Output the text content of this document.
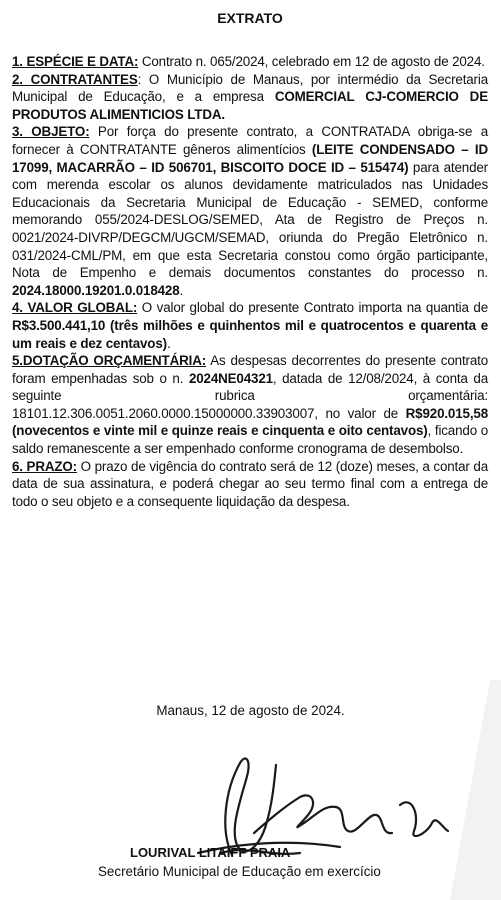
EXTRATO

1. ESPÉCIE E DATA: Contrato n. 065/2024, celebrado em 12 de agosto de 2024.

2. CONTRATANTES: O Município de Manaus, por intermédio da Secretaria Municipal de Educação, e a empresa COMERCIAL CJ-COMERCIO DE PRODUTOS ALIMENTICIOS LTDA.

3. OBJETO: Por força do presente contrato, a CONTRATADA obriga-se a fornecer à CONTRATANTE gêneros alimentícios (LEITE CONDENSADO – ID 17099, MACARRÃO – ID 506701, BISCOITO DOCE ID – 515474) para atender com merenda escolar os alunos devidamente matriculados nas Unidades Educacionais da Secretaria Municipal de Educação - SEMED, conforme memorando 055/2024-DESLOG/SEMED, Ata de Registro de Preços n. 0021/2024-DIVRP/DEGCM/UGCM/SEMAD, oriunda do Pregão Eletrônico n. 031/2024-CML/PM, em que esta Secretaria constou como órgão participante, Nota de Empenho e demais documentos constantes do processo n. 2024.18000.19201.0.018428.

4. VALOR GLOBAL: O valor global do presente Contrato importa na quantia de R$3.500.441,10 (três milhões e quinhentos mil e quatrocentos e quarenta e um reais e dez centavos).

5.DOTAÇÃO ORÇAMENTÁRIA: As despesas decorrentes do presente contrato foram empenhadas sob o n. 2024NE04321, datada de 12/08/2024, à conta da seguinte rubrica orçamentária: 18101.12.306.0051.2060.0000.15000000.33903007, no valor de R$920.015,58 (novecentos e vinte mil e quinze reais e cinquenta e oito centavos), ficando o saldo remanescente a ser empenhado conforme cronograma de desembolso.

6. PRAZO: O prazo de vigência do contrato será de 12 (doze) meses, a contar da data de sua assinatura, e poderá chegar ao seu termo final com a entrega de todo o seu objeto e a consequente liquidação da despesa.

Manaus, 12 de agosto de 2024.
LOURIVAL LITAIFF PRAIA
Secretário Municipal de Educação em exercício
